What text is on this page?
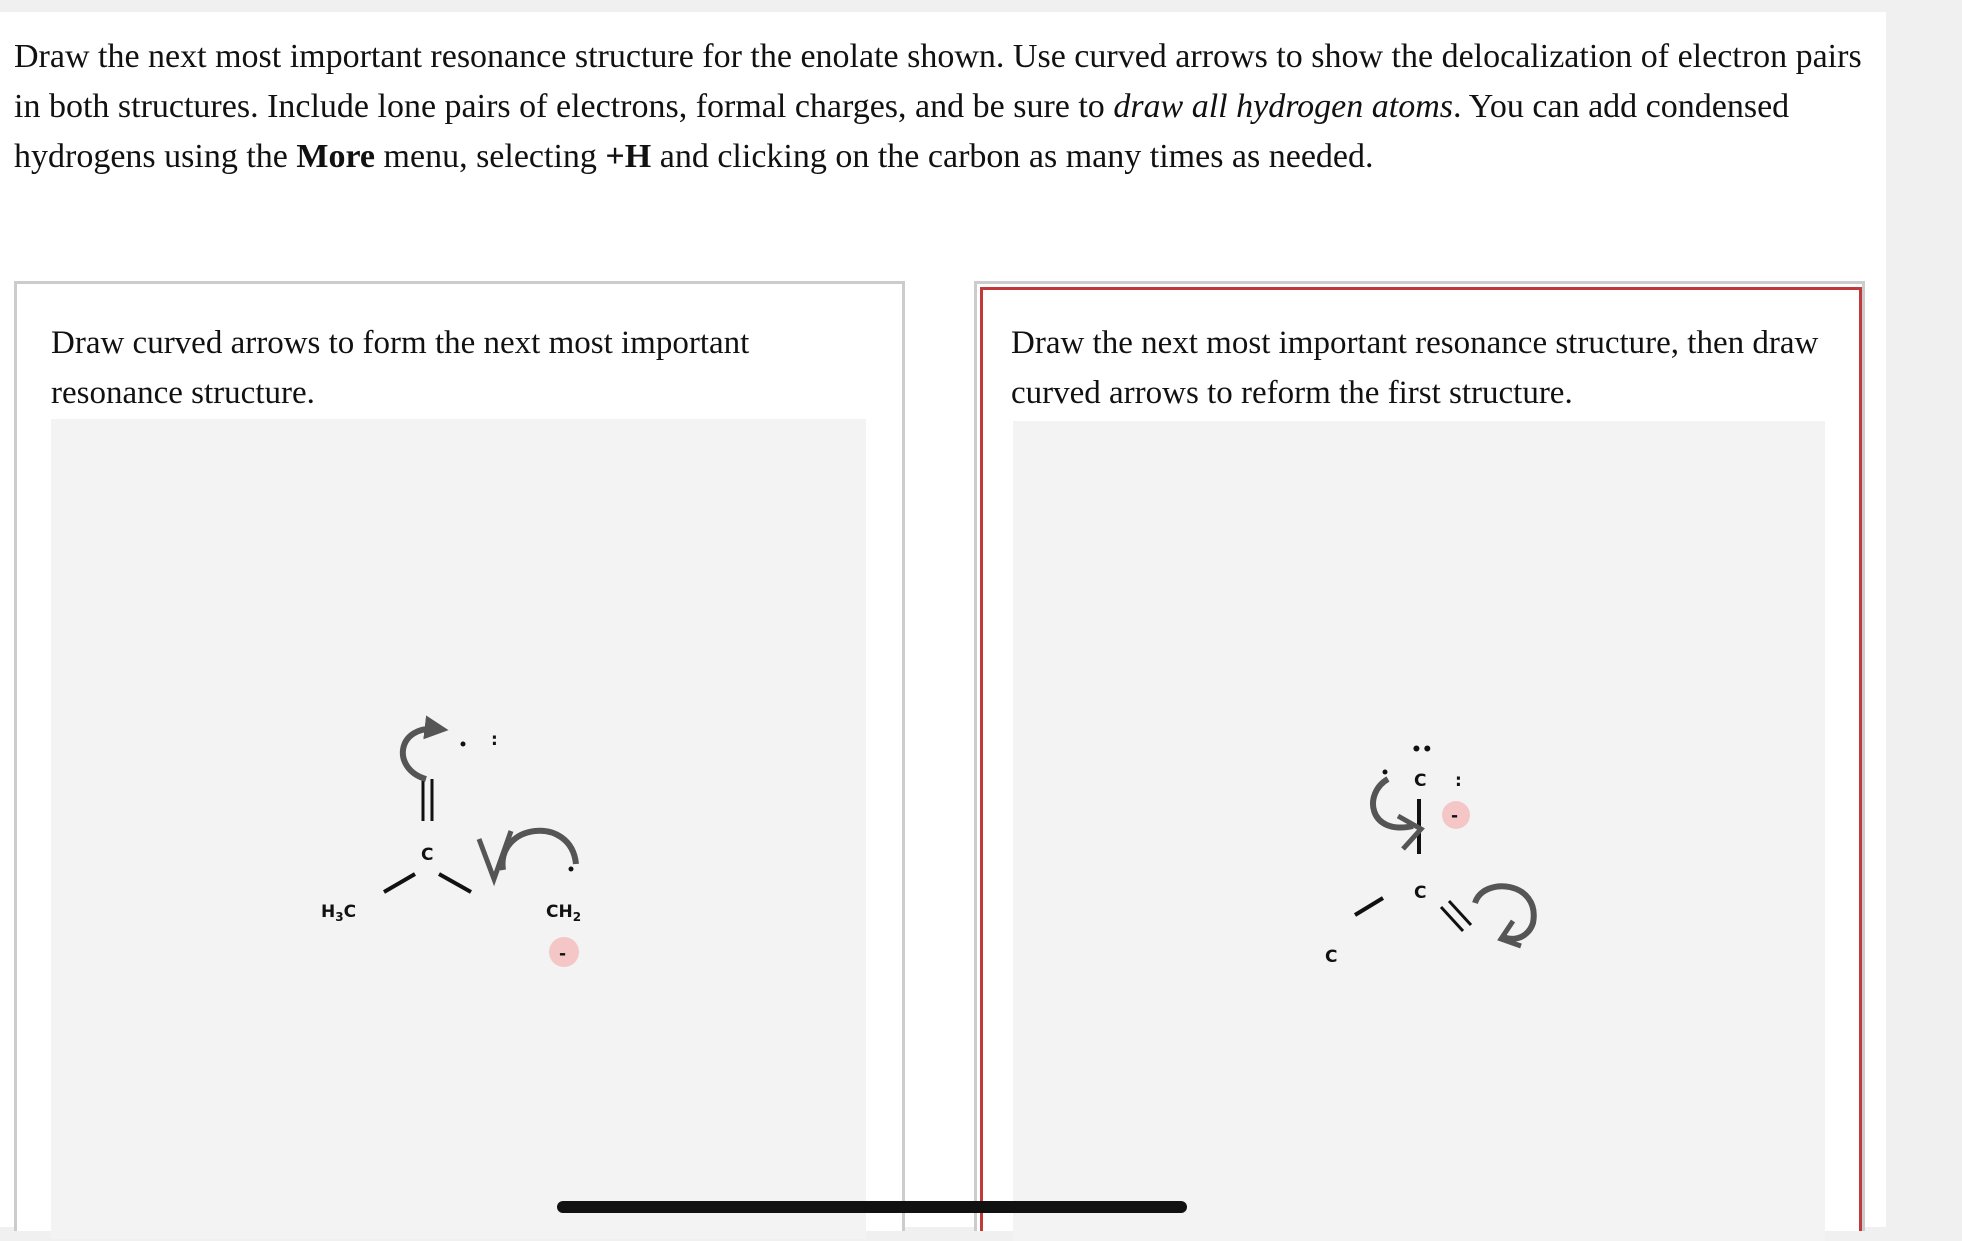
Draw the next most important resonance structure for the enolate shown. Use curved arrows to show the delocalization of electron pairs in both structures. Include lone pairs of electrons, formal charges, and be sure to draw all hydrogen atoms. You can add condensed hydrogens using the More menu, selecting +H and clicking on the carbon as many times as needed.

Draw curved arrows to form the next most important resonance structure.

$H_3C$
C
$CH_2$
:
-

Draw the next most important resonance structure, then draw curved arrows to reform the first structure.

C
C
C
••
:
-
